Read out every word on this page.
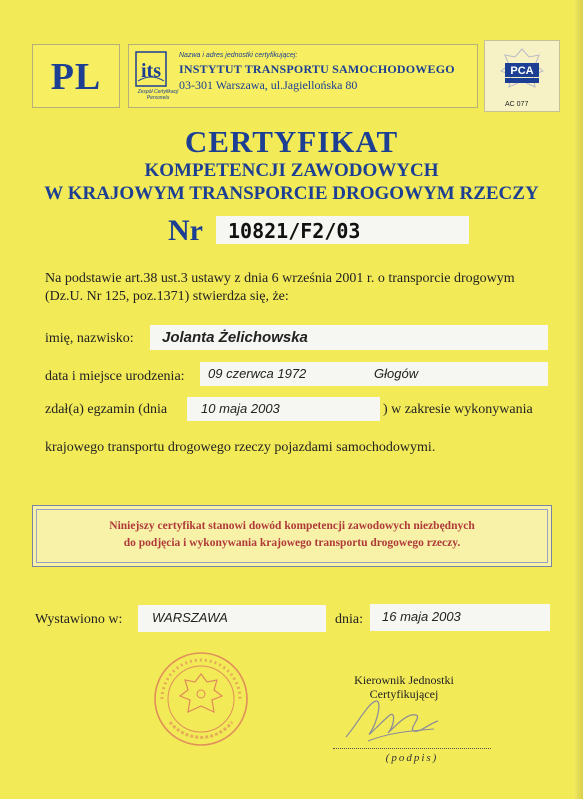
PL	its
Zespół Certyfikacji Personelu
Nazwa i adres jednostki certyfikującej:
INSTYTUT TRANSPORTU SAMOCHODOWEGO
03-301 Warszawa, ul.Jagiellońska 80
PCA
AC 077
CERTYFIKAT
KOMPETENCJI ZAWODOWYCH
W KRAJOWYM TRANSPORCIE DROGOWYM RZECZY
Nr 10821/F2/03
Na podstawie art.38 ust.3 ustawy z dnia 6 września 2001 r. o transporcie drogowym
(Dz.U. Nr 125, poz.1371) stwierdza się, że:
imię, nazwisko: Jolanta Żelichowska
data i miejsce urodzenia: 09 czerwca 1972	Głogów
zdał(a) egzamin (dnia	10 maja 2003	) w zakresie wykonywania
krajowego transportu drogowego rzeczy pojazdami samochodowymi.
Niniejszy certyfikat stanowi dowód kompetencji zawodowych niezbędnych
do podjęcia i wykonywania krajowego transportu drogowego rzeczy.
Wystawiono w: WARSZAWA	dnia: 16 maja 2003
Kierownik Jednostki
Certyfikującej
(podpis)
